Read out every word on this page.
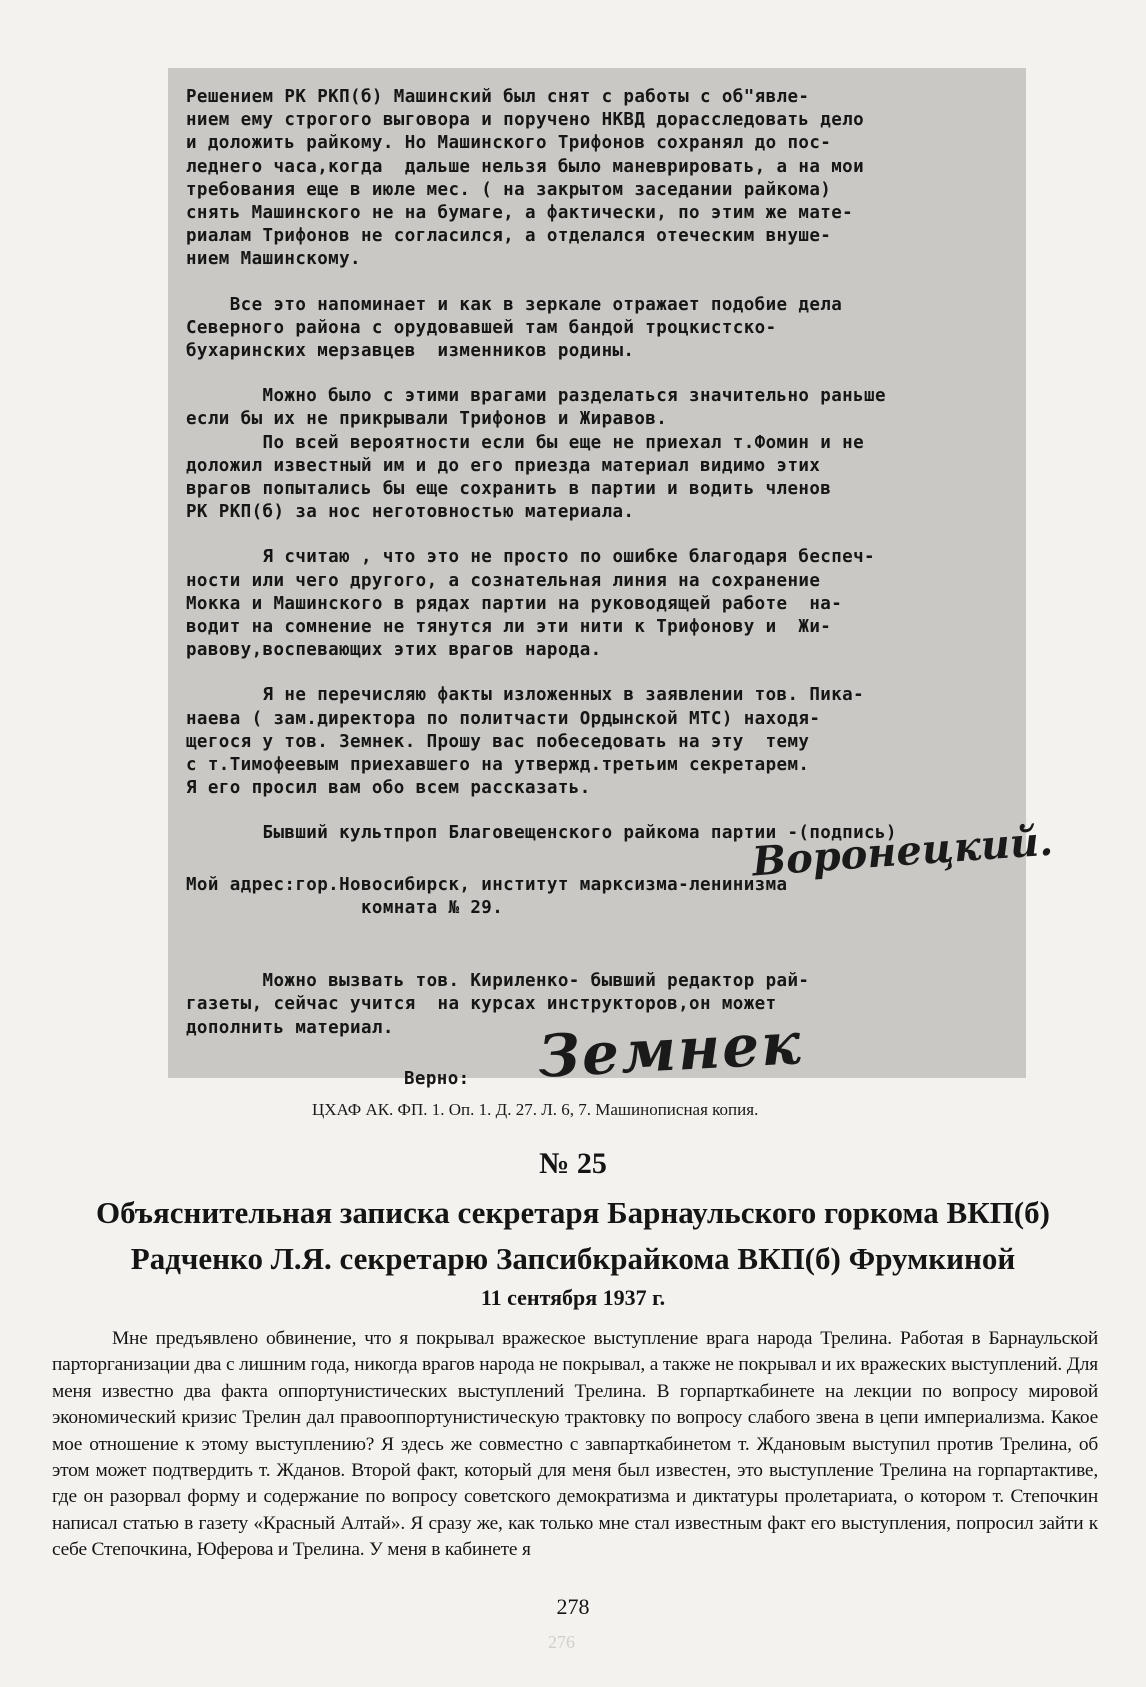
Решением РК РКП(б) Машинский был снят с работы с об"явле-

нием ему строгого выговора и поручено НКВД дорасследовать дело

и доложить райкому. Но Машинского Трифонов сохранял до пос-

леднего часа,когда  дальше нельзя было маневрировать, а на мои

требования еще в июле мес. ( на закрытом заседании райкома)

снять Машинского не на бумаге, а фактически, по этим же мате-

риалам Трифонов не согласился, а отделался отеческим внуше-

нием Машинскому.

Все это напоминает и как в зеркале отражает подобие дела

Северного района с орудовавшей там бандой троцкистско-

бухаринских мерзавцев  изменников родины.

Можно было с этими врагами разделаться значительно раньше

если бы их не прикрывали Трифонов и Жиравов.

По всей вероятности если бы еще не приехал т.Фомин и не

доложил известный им и до его приезда материал видимо этих

врагов попытались бы еще сохранить в партии и водить членов

РК РКП(б) за нос неготовностью материала.

Я считаю , что это не просто по ошибке благодаря беспеч-

ности или чего другого, а сознательная линия на сохранение

Мокка и Машинского в рядах партии на руководящей работе  на-

водит на сомнение не тянутся ли эти нити к Трифонову и  Жи-

равову,воспевающих этих врагов народа.

Я не перечисляю факты изложенных в заявлении тов. Пика-

наева ( зам.директора по политчасти Ордынской МТС) находя-

щегося у тов. Земнек. Прошу вас побеседовать на эту  тему

с т.Тимофеевым приехавшего на утвержд.третьим секретарем.

Я его просил вам обо всем рассказать.

Бывший культпроп Благовещенского райкома партии -(подпись)

Мой адрес:гор.Новосибирск, институт марксизма-ленинизма

комната № 29.

Можно вызвать тов. Кириленко- бывший редактор рай-

газеты, сейчас учится  на курсах инструкторов,он может

дополнить материал.

Верно:

Воронецкий.
Земнек
ЦХАФ АК. ФП. 1. Оп. 1. Д. 27. Л. 6, 7. Машинописная копия.
№ 25
Объяснительная записка секретаря Барнаульского горкома ВКП(б)
Радченко Л.Я. секретарю Запсибкрайкома ВКП(б) Фрумкиной
11 сентября 1937 г.

Мне предъявлено обвинение, что я покрывал вражеское выступление врага народа Трелина. Работая в Барнаульской парторганизации два с лишним года, никогда врагов народа не покрывал, а также не покрывал и их вражеских выступлений. Для меня известно два факта оппортунистических выступлений Трелина. В горпарткабинете на лекции по вопросу мировой экономический кризис Трелин дал правооппортунистическую трактовку по вопросу слабого звена в цепи империализма. Какое мое отношение к этому выступлению? Я здесь же совместно с завпарткабинетом т. Ждановым выступил против Трелина, об этом может подтвердить т. Жданов. Второй факт, который для меня был известен, это выступление Трелина на горпартактиве, где он разорвал форму и содержание по вопросу советского демократизма и диктатуры пролетариата, о котором т. Степочкин написал статью в газету «Красный Алтай». Я сразу же, как только мне стал известным факт его выступления, попросил зайти к себе Степочкина, Юферова и Трелина. У меня в кабинете я

278
276
